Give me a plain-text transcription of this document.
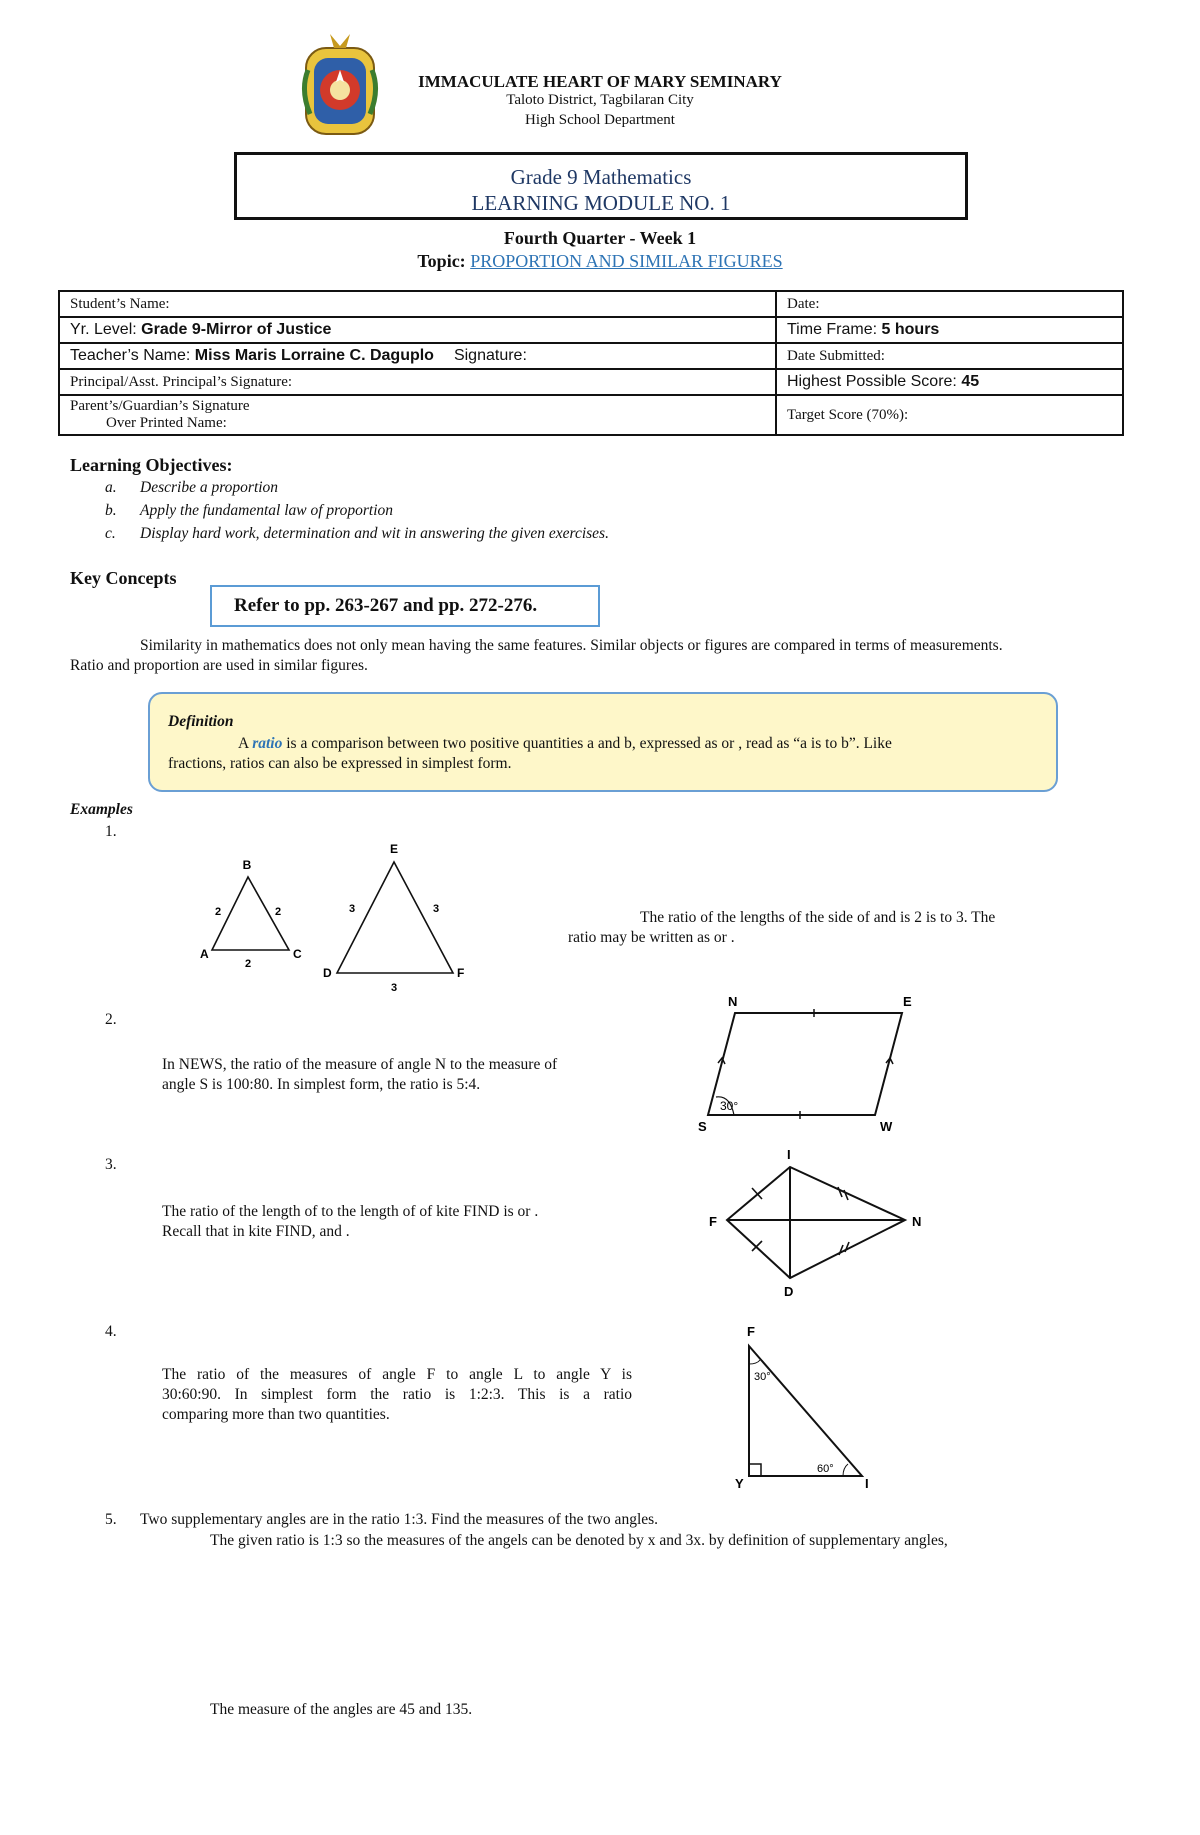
IMMACULATE HEART OF MARY SEMINARY
Taloto District, Tagbilaran City
High School Department
Grade 9 Mathematics
LEARNING MODULE NO. 1
Fourth Quarter - Week 1
Topic: PROPORTION AND SIMILAR FIGURES
Student’s Name:	Date:
Yr. Level: Grade 9-Mirror of Justice	Time Frame: 5 hours
Teacher’s Name: Miss Maris Lorraine C. Daguplo Signature:	Date Submitted:
Principal/Asst. Principal’s Signature:	Highest Possible Score: 45

Parent’s/Guardian’s Signature
Over Printed Name:	Target Score (70%):
Learning Objectives:
a. Describe a proportion
b. Apply the fundamental law of proportion
c. Display hard work, determination and wit in answering the given exercises.
Key Concepts
Refer to pp. 263-267 and pp. 272-276.
Similarity in mathematics does not only mean having the same features. Similar objects or figures are compared in terms of measurements.
Ratio and proportion are used in similar figures.
Definition
A ratio is a comparison between two positive quantities a and b, expressed as or , read as “a is to b”. Like
fractions, ratios can also be expressed in simplest form.
Examples
1.
B
A	C
2	2
2
E
D	F
3	3
3
The ratio of the lengths of the side of and is 2 is to 3. The
ratio may be written as or .
2.
In NEWS, the ratio of the measure of angle N to the measure of
angle S is 100:80. In simplest form, the ratio is 5:4.
N	E
S	W
30°
3.
The ratio of the length of to the length of of kite FIND is or .
Recall that in kite FIND, and .
I
F	N
D
4.
The ratio of the measures of angle F to angle L to angle Y is
30:60:90. In simplest form the ratio is 1:2:3. This is a ratio
comparing more than two quantities.
F
Y	I
30°
60°
5. Two supplementary angles are in the ratio 1:3. Find the measures of the two angles.
The given ratio is 1:3 so the measures of the angels can be denoted by x and 3x. by definition of supplementary angles,
The measure of the angles are 45 and 135.
